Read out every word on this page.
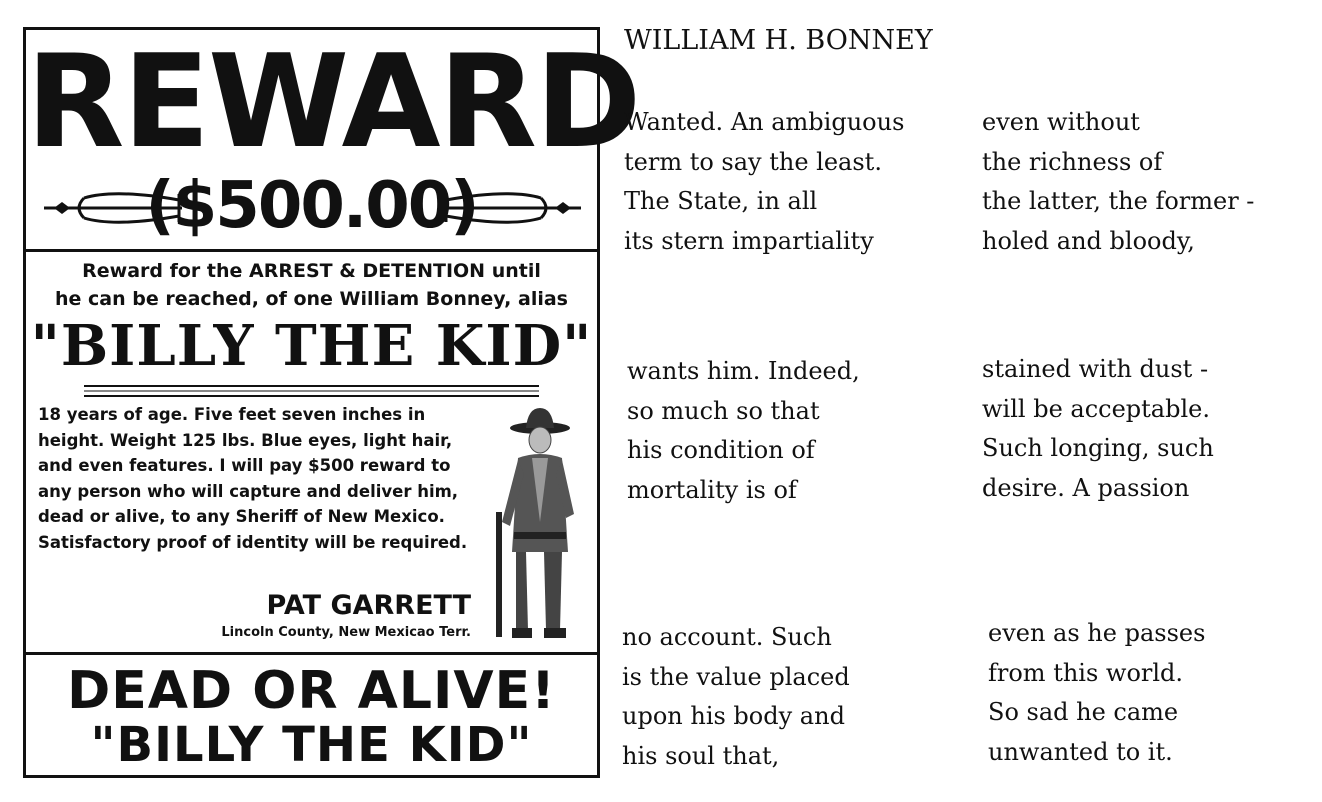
REWARD
($500.00)
Reward for the ARREST & DETENTION until
he can be reached, of one William Bonney, alias
"BILLY THE KID"
18 years of age. Five feet seven inches in
height. Weight 125 lbs. Blue eyes, light hair,
and even features. I will pay $500 reward to
any person who will capture and deliver him,
dead or alive, to any Sheriff of New Mexico.
Satisfactory proof of identity will be required.
PAT GARRETT
Lincoln County, New Mexicao Terr.
DEAD OR ALIVE!
"BILLY THE KID"
WILLIAM H. BONNEY
Wanted. An ambiguous
term to say the least.
The State, in all
its stern impartiality
even without
the richness of
the latter, the former -
holed and bloody,
wants him. Indeed,
so much so that
his condition of
mortality is of
stained with dust -
will be acceptable.
Such longing, such
desire. A passion
no account. Such
is the value placed
upon his body and
his soul that,
even as he passes
from this world.
So sad he came
unwanted to it.
